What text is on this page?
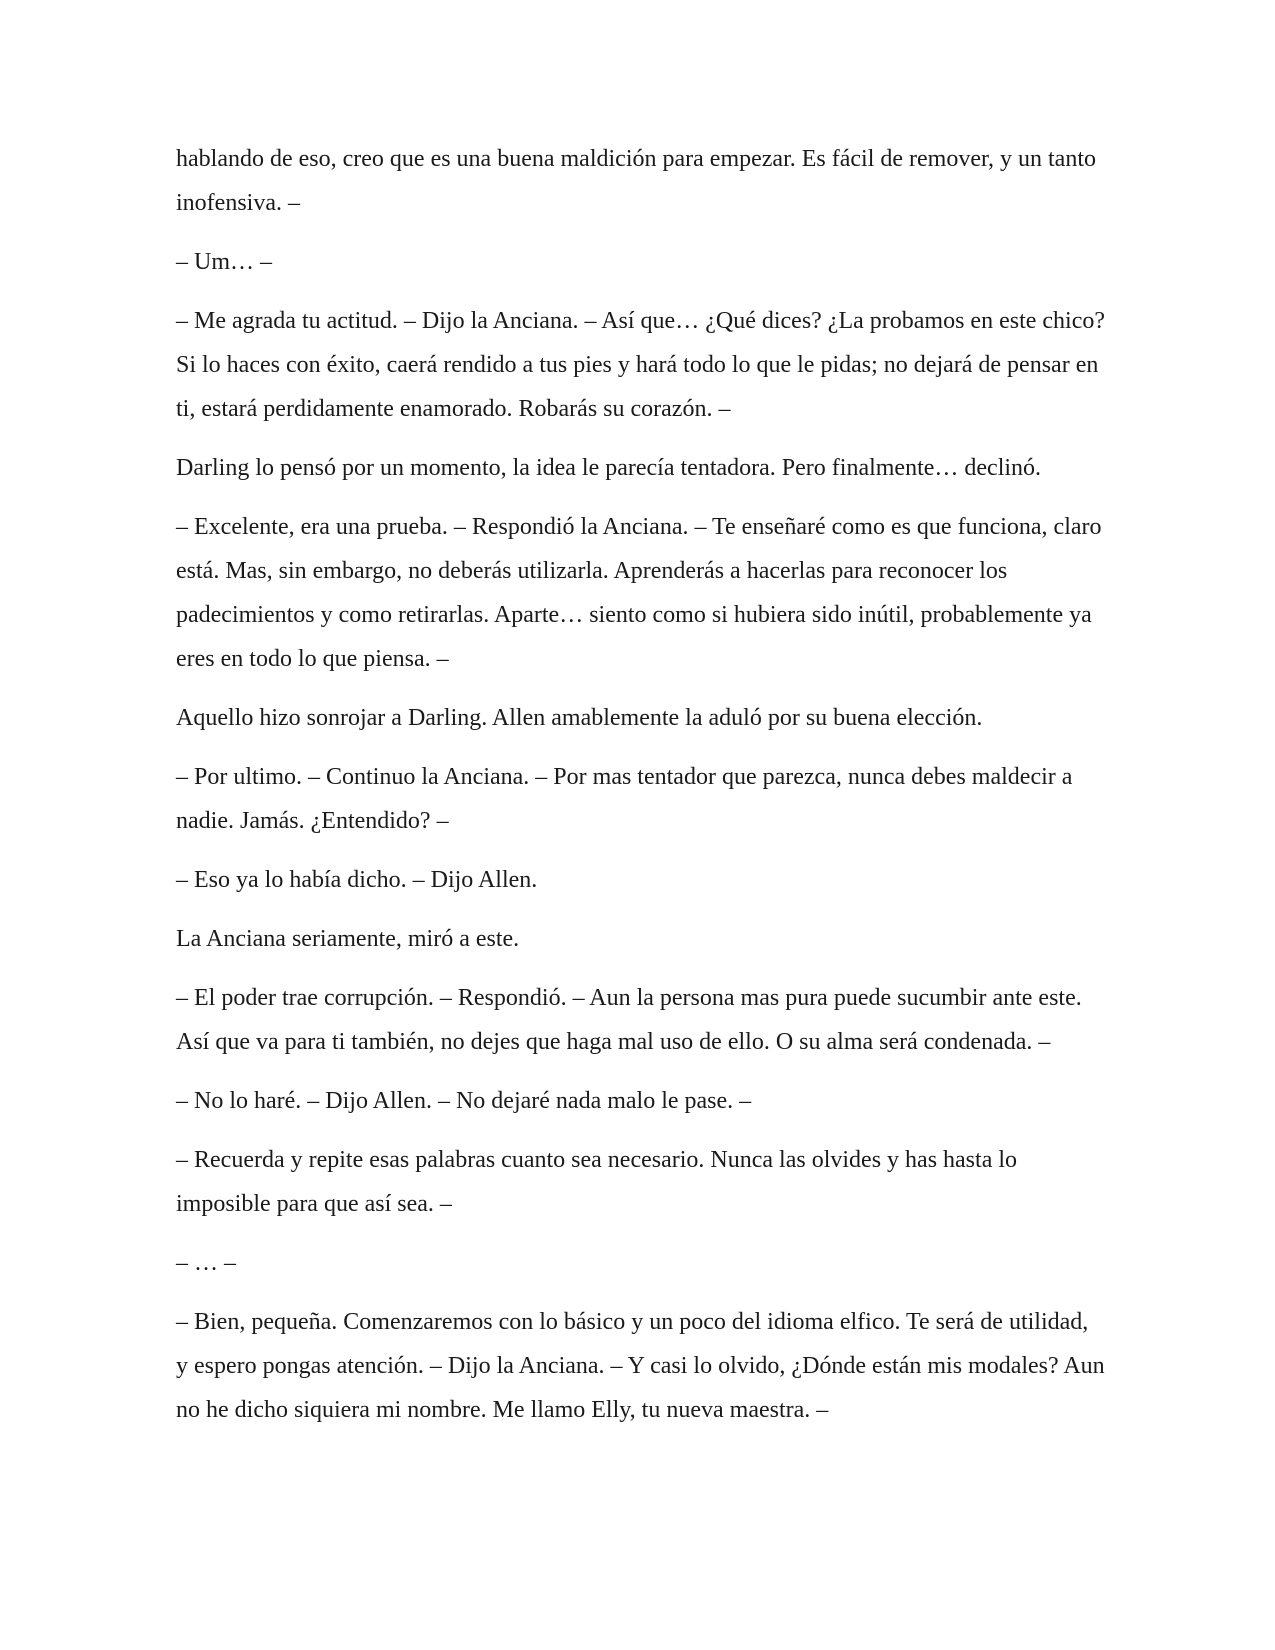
hablando de eso, creo que es una buena maldición para empezar. Es fácil de remover, y un tanto inofensiva. –

– Um… –

– Me agrada tu actitud. – Dijo la Anciana. – Así que… ¿Qué dices? ¿La probamos en este chico? Si lo haces con éxito, caerá rendido a tus pies y hará todo lo que le pidas; no dejará de pensar en ti, estará perdidamente enamorado. Robarás su corazón. –

Darling lo pensó por un momento, la idea le parecía tentadora. Pero finalmente… declinó.

– Excelente, era una prueba. – Respondió la Anciana. – Te enseñaré como es que funciona, claro está. Mas, sin embargo, no deberás utilizarla. Aprenderás a hacerlas para reconocer los padecimientos y como retirarlas. Aparte… siento como si hubiera sido inútil, probablemente ya eres en todo lo que piensa. –

Aquello hizo sonrojar a Darling. Allen amablemente la aduló por su buena elección.

– Por ultimo. – Continuo la Anciana. – Por mas tentador que parezca, nunca debes maldecir a nadie. Jamás. ¿Entendido? –

– Eso ya lo había dicho. – Dijo Allen.

La Anciana seriamente, miró a este.

– El poder trae corrupción. – Respondió. – Aun la persona mas pura puede sucumbir ante este. Así que va para ti también, no dejes que haga mal uso de ello. O su alma será condenada. –

– No lo haré. – Dijo Allen. – No dejaré nada malo le pase. –

– Recuerda y repite esas palabras cuanto sea necesario. Nunca las olvides y has hasta lo imposible para que así sea. –

– … –

– Bien, pequeña. Comenzaremos con lo básico y un poco del idioma elfico. Te será de utilidad, y espero pongas atención. – Dijo la Anciana. – Y casi lo olvido, ¿Dónde están mis modales? Aun no he dicho siquiera mi nombre. Me llamo Elly, tu nueva maestra. –
